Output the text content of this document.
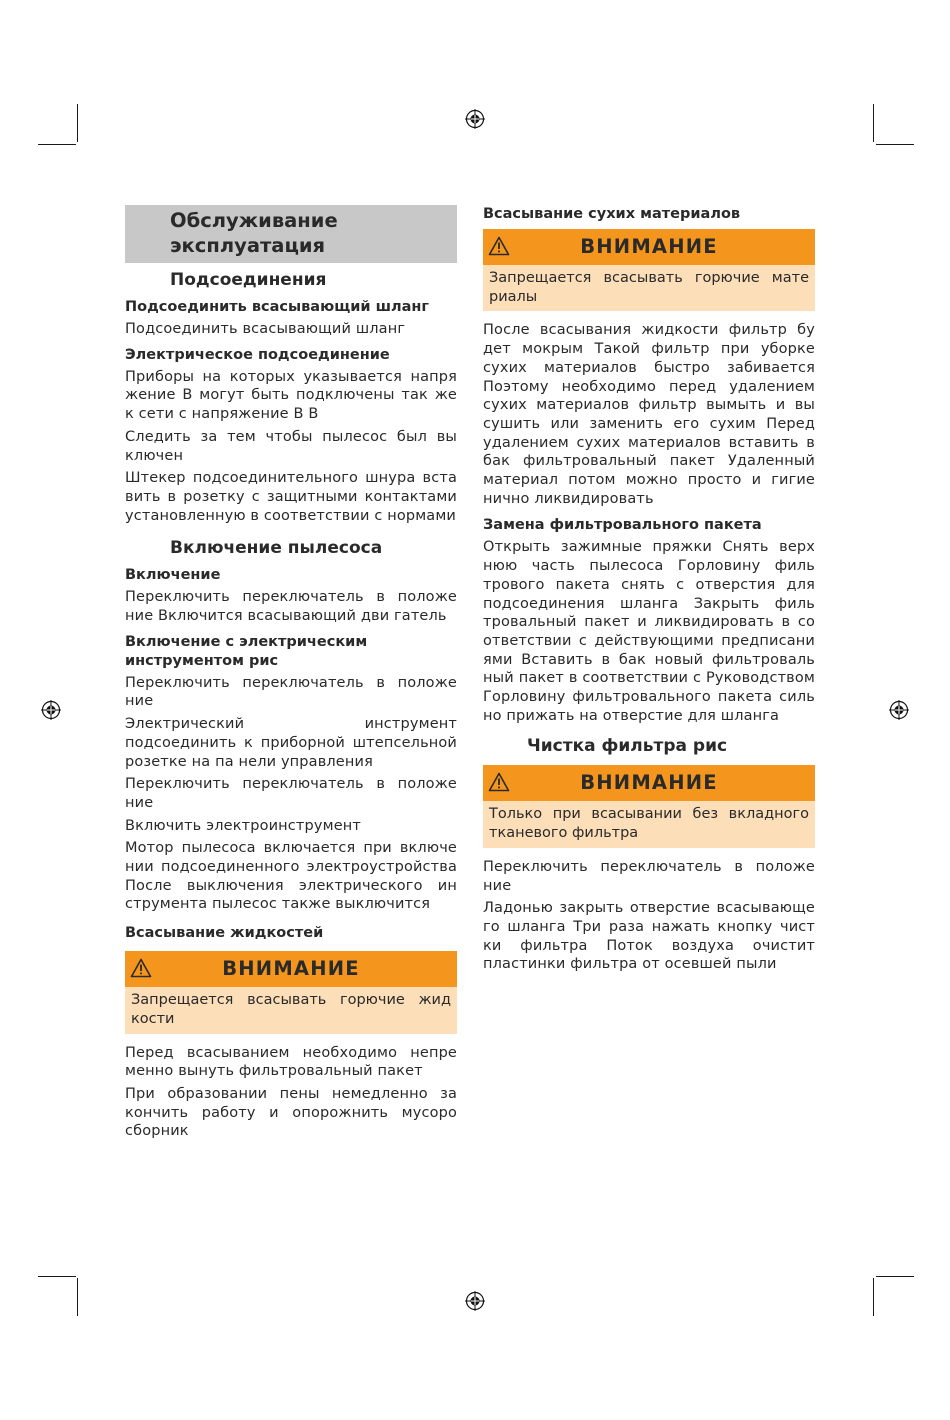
Обслуживание
эксплуатация
Подсоединения
Подсоединить всасывающий шланг
Подсоединить всасывающий шланг
Электрическое подсоединение
Приборы на которых указывается напря жение В могут быть подключены так же к сети с напряжение В В
Следить за тем чтобы пылесос был вы ключен
Штекер подсоединительного шнура вста вить в розетку с защитными контактами установленную в соответствии с нормами
Включение пылесоса
Включение
Переключить переключатель в положе ние Включится всасывающий дви гатель
Включение с электрическим инструментом рис
Переключить переключатель в положе ние
Электрический инструмент подсоединить к приборной штепсельной розетке на па нели управления
Переключить переключатель в положе ние
Включить электроинструмент
Мотор пылесоса включается при включе нии подсоединенного электроустройства После выключения электрического ин струмента пылесос также выключится
Всасывание жидкостей
ВНИМАНИЕ
Запрещается всасывать горючие жид кости
Перед всасыванием необходимо непре менно вынуть фильтровальный пакет
При образовании пены немедленно за кончить работу и опорожнить мусоро сборник
Всасывание сухих материалов
ВНИМАНИЕ
Запрещается всасывать горючие мате риалы
После всасывания жидкости фильтр бу дет мокрым Такой фильтр при уборке сухих материалов быстро забивается Поэтому необходимо перед удалением сухих материалов фильтр вымыть и вы сушить или заменить его сухим Перед удалением сухих материалов вставить в бак фильтровальный пакет Удаленный материал потом можно просто и гигие нично ликвидировать
Замена фильтровального пакета
Открыть зажимные пряжки Снять верх нюю часть пылесоса Горловину филь трового пакета снять с отверстия для подсоединения шланга Закрыть филь тровальный пакет и ликвидировать в со ответствии с действующими предписани ями Вставить в бак новый фильтроваль ный пакет в соответствии с Руководством Горловину фильтровального пакета силь но прижать на отверстие для шланга
Чистка фильтра рис
ВНИМАНИЕ
Только при всасывании без вкладного тканевого фильтра
Переключить переключатель в положе ние
Ладонью закрыть отверстие всасывающе го шланга Три раза нажать кнопку чист ки фильтра Поток воздуха очистит пластинки фильтра от осевшей пыли
